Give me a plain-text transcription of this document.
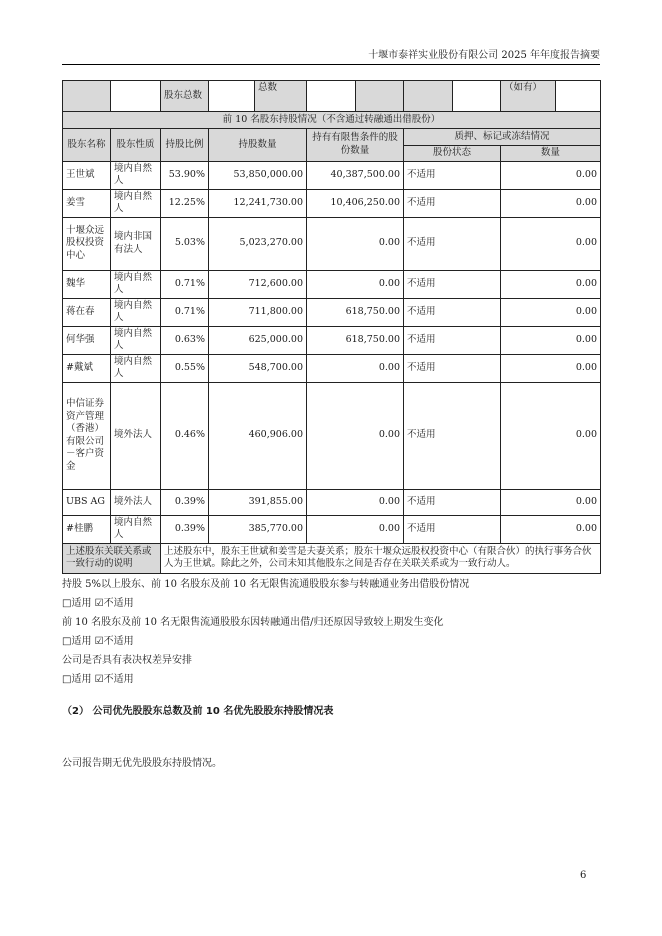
十堰市泰祥实业股份有限公司 2025 年年度报告摘要
		股东总数	总数			（如有）

前 10 名股东持股情况（不含通过转融通出借股份）						
股东名称	股东性质	持股比例	持股数量	持有有限售条件的股份数量	质押、标记或冻结情况	
					股份状态	数量
王世斌	境内自然人	53.90%	53,850,000.00	40,387,500.00	不适用	0.00
姜雪	境内自然人	12.25%	12,241,730.00	10,406,250.00	不适用	0.00
十堰众远股权投资中心	境内非国有法人	5.03%	5,023,270.00	0.00	不适用	0.00
魏华	境内自然人	0.71%	712,600.00	0.00	不适用	0.00
蒋在春	境内自然人	0.71%	711,800.00	618,750.00	不适用	0.00
何华强	境内自然人	0.63%	625,000.00	618,750.00	不适用	0.00
#戴斌	境内自然人	0.55%	548,700.00	0.00	不适用	0.00
中信证券资产管理（香港）有限公司－客户资金	境外法人	0.46%	460,906.00	0.00	不适用	0.00
UBS AG	境外法人	0.39%	391,855.00	0.00	不适用	0.00
#桂鹏	境内自然人	0.39%	385,770.00	0.00	不适用	0.00
上述股东关联关系或一致行动的说明		上述股东中，股东王世斌和姜雪是夫妻关系；股东十堰众远股权投资中心（有限合伙）的执行事务合伙人为王世斌。除此之外，公司未知其他股东之间是否存在关联关系或为一致行动人。				
持股 5%以上股东、前 10 名股东及前 10 名无限售流通股股东参与转融通业务出借股份情况
□适用 ☑不适用
前 10 名股东及前 10 名无限售流通股股东因转融通出借/归还原因导致较上期发生变化
□适用 ☑不适用
公司是否具有表决权差异安排
□适用 ☑不适用
（2） 公司优先股股东总数及前 10 名优先股股东持股情况表
公司报告期无优先股股东持股情况。
6
